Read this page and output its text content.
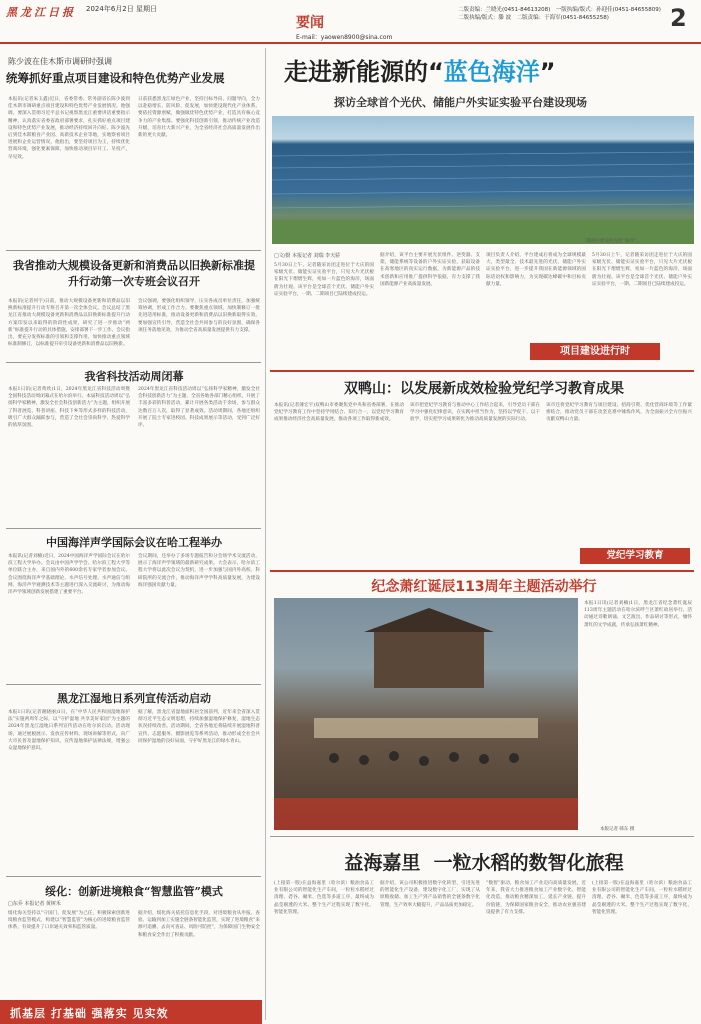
黑龙江日报 2024年6月2日 星期日
要闻
E-mail：yaowen8900@sina.com
二版责编：兰晓光(0451-84613208)　一版执编/版式：孙迎佳(0451-84655809)　二版执编/版式：滕 波　二版责编：于海军(0451-84655258)	2
陈少波在佳木斯市调研时强调
统筹抓好重点项目建设和特色优势产业发展
本报讯(记者朱玉鑫)近日，省委常委、常务副省长陈少波到佳木斯市调研重点项目建设和特色优势产业发展情况。他强调，要深入贯彻习近平总书记视察黑龙江重要讲话重要指示精神，认真落实省委省政府部署要求，扎实抓好重点项目建设和特色优势产业发展，推动经济持续回升向好。陈少波先后到佳木斯粮食产业园、高新技术企业等地，实地察看项目进展和企业运营情况。他指出，要坚持项目为王，持续优化营商环境，强化要素保障，加快推动项目早开工、早投产、早见效。
日前获悉黑龙江绿色产业，坚持目标导向、问题导向，全力以赴稳增长、防风险、促发展，加快建设现代化产业体系。要依托资源禀赋，做强做优特色优势产业，打造具有核心竞争力的产业集群。要强化科技创新引领，推动传统产业改造升级，培育壮大新兴产业，为全省经济社会高质量发展作出新的更大贡献。
我省推动大规模设备更新和消费品以旧换新标准提升行动第一次专班会议召开
本报讯(记者何宇)日前，推动大规模设备更新和消费品以旧换新标准提升行动专班召开第一次全体会议。会议总结了黑龙江省推动大规模设备更新和消费品以旧换新标准提升行动方案印发以来取得的阶段性成果，研究了进一步推动“两新”标准提升行动的具体措施，安排部署下一步工作。会议指出，要充分发挥标准的引领和支撑作用，加快推动重点领域标准制修订，以标准提升牵引设备更新和消费品以旧换新。
会议强调，要强化组织领导，压实各成员单位责任，加强统筹协调，形成工作合力。要聚焦重点领域，加快制修订一批先进适用标准，推动设备更新和消费品以旧换新取得实效。要加强宣传引导，营造全社会共同参与的良好氛围，确保各项任务落地见效，为推动全省高质量发展提供有力支撑。
我省科技活动周闭幕
本报1日讯(记者黄欣)1日，2024年黑龙江省科技活动周暨全国科技活动周闭幕式在哈尔滨举行。本届科技活动周以“弘扬科学家精神，激发全社会科技创新活力”为主题，组织开展了科普展览、科普讲座、科技下乡等形式多样的科技活动，吸引广大群众踊跃参与，营造了全社会崇尚科学、热爱科学的浓厚氛围。
2024年黑龙江省科技活动周以“弘扬科学家精神，激发全社会科技创新活力”为主题，全省各地各部门精心组织，开展了丰富多彩的科普活动，累计开展各类活动千余场，参与群众达数百万人次，取得了显著成效。活动周期间，各地还组织开展了院士专家进校园、科技成果展示等活动，受到广泛好评。
中国海洋声学国际会议在哈工程举办
本报讯(记者刘楠)近日，2024中国海洋声学国际会议在哈尔滨工程大学举办。会议由中国声学学会、哈尔滨工程大学等单位联合主办，来自国内外的600余名专家学者参加会议。会议围绕海洋声学基础理论、水声信号处理、水声通信与组网、海洋声学观测技术等主题进行深入交流研讨，为推动海洋声学领域创新发展搭建了重要平台。
会议期间，还举办了多场专题报告和分会场学术交流活动，展示了海洋声学领域的最新研究成果。大会表示，哈尔滨工程大学将以此次会议为契机，进一步加强与国内外高校、科研院所的交流合作，推动海洋声学学科高质量发展，为建设海洋强国贡献力量。
黑龙江湿地日系列宣传活动启动
本报1日讯(记者谢晓丽)1日，在“中华人民共和国湿地保护法”实施两周年之际，以“守护湿地 共享美好家园”为主题的2024年黑龙江湿地日系列宣传活动在哈尔滨启动。活动现场，通过展板展示、发放宣传材料、现场讲解等形式，向广大市民普及湿地保护知识，宣传湿地保护法律法规，增强公众湿地保护意识。
据了解，黑龙江省湿地面积居全国前列，近年来全省深入贯彻习近平生态文明思想，持续加强湿地保护修复，湿地生态状况持续改善。活动期间，全省各地还将陆续开展湿地科普宣传、志愿服务、摄影展览等系列活动，推动形成全社会共同保护湿地的良好局面，守护好黑龙江的绿水青山。
绥化：创新进境粮食“智慧监管”模式
□东乔 本报记者 黄树禾
绥化海关坚持以“守国门、促发展”为己任，积极探索创新进境粮食监管模式，构建以“智慧监管”为核心的进境粮食监管体系，有效提升了口岸通关效率和监管质量。
据介绍，绥化海关依托信息化手段，对进境粮食从申报、查验、运输到加工实施全链条智能化监管，实现了进境粮食“来源可追溯、去向可查证、风险可防控”，为保障国门生物安全和粮食安全作出了积极贡献。
抓基层 打基础 强落实 见实效
走进新能源的“蓝色海洋”
探访全球首个光伏、储能户外实证实验平台建设现场
二期项目建设的光伏“海洋”。
□文/摄 本报记者 刘瑞 李天骄
5月30日上午，记者随采访团走进位于大庆的国家级光伏、储能实证实验平台，只见大片光伏板在阳光下熠熠生辉，宛如一片蓝色的海洋，场面蔚为壮观。该平台是全球首个光伏、储能户外实证实验平台，一期、二期项目已陆续建成投运。
据介绍，该平台主要开展光伏组件、逆变器、支架、储能系统等设备的户外实证实验，获取设备在高寒地区的真实运行数据，为新能源产品的技术创新和应用推广提供科学依据，有力支撑了我国新能源产业高质量发展。
项目负责人介绍，平台建成后将成为全球规模最大、类型最全、技术最先进的光伏、储能户外实证实验平台，进一步提升我国在新能源领域的国际话语权和影响力，为实现碳达峰碳中和目标贡献力量。
5月30日上午，记者随采访团走进位于大庆的国家级光伏、储能实证实验平台，只见大片光伏板在阳光下熠熠生辉，宛如一片蓝色的海洋，场面蔚为壮观。该平台是全球首个光伏、储能户外实证实验平台，一期、二期项目已陆续建成投运。
项目建设进行时
双鸭山：以发展新成效检验党纪学习教育成果
本报讯(记者薄宏宇)双鸭山市委聚焦党中央和省委部署，在推动党纪学习教育工作中坚持学用结合、知行合一，以党纪学习教育成果推动经济社会高质量发展，推动各项工作取得新成效。
该市把党纪学习教育与推动中心工作结合起来，引导党员干部在学习中强化纪律意识，在实践中担当作为，坚持以学促干、以干验学，切实把学习成果转化为推动高质量发展的实际行动。
该市还将党纪学习教育与项目建设、招商引资、优化营商环境等工作紧密结合，推动党员干部在攻坚克难中锤炼作风，为全面振兴全方位振兴贡献双鸭山力量。
党纪学习教育
纪念萧红诞辰113周年主题活动举行
本报1日讯(记者刘楠)1日，黑龙江省纪念萧红诞辰113周年主题活动在哈尔滨呼兰区萧红故居举行。活动通过诗歌朗诵、文艺演出、作品研讨等形式，缅怀萧红的文学成就，传承弘扬萧红精神。
本版记者 韩东 摄
益海嘉里  一粒水稻的数智化旅程
(上接第一版)在益海嘉里（哈尔滨）粮油食品工业有限公司的智能化生产车间，一粒粒水稻经过清理、砻谷、碾米、色选等多道工序，最终成为晶莹剔透的大米。整个生产过程实现了数字化、智能化管理。
据介绍，该公司积极推进数字化转型，引进先进的智能化生产设备，建设数字化工厂，实现了从原粮收储、加工生产到产品销售的全链条数字化管理，生产效率大幅提升，产品品质更加稳定。
“数智”驱动，粮食加工产业迈向高质量发展。近年来，我省大力推进粮食加工产业数字化、智能化改造，推动粮食精深加工，延长产业链、提升价值链，为保障国家粮食安全、推动农业强省建设提供了有力支撑。
(上接第一版)在益海嘉里（哈尔滨）粮油食品工业有限公司的智能化生产车间，一粒粒水稻经过清理、砻谷、碾米、色选等多道工序，最终成为晶莹剔透的大米。整个生产过程实现了数字化、智能化管理。
